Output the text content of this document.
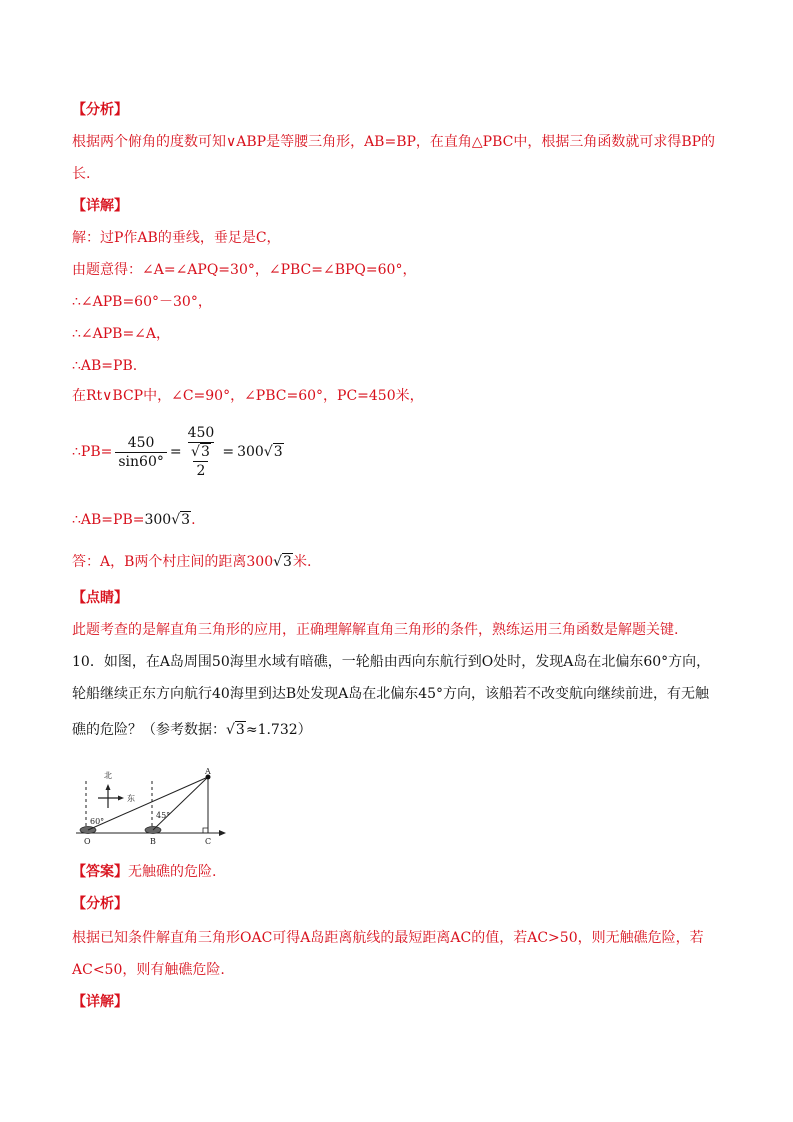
【分析】
根据两个俯角的度数可知∨ABP是等腰三角形，AB=BP，在直角△PBC中，根据三角函数就可求得BP的
长.
【详解】
解：过P作AB的垂线，垂足是C，
由题意得：∠A=∠APQ=30°，∠PBC=∠BPQ=60°，
∴∠APB=60°－30°，
∴∠APB=∠A，
∴AB=PB.
在Rt∨BCP中，∠C=90°，∠PBC=60°，PC=450米，
∴PB= $\frac{450}{\sin 60^\circ} = 450$
√3
2 = 300 √3
∴AB=PB=300√3.
答：A，B两个村庄间的距离300√3米.
【点睛】
此题考查的是解直角三角形的应用，正确理解解直角三角形的条件，熟练运用三角函数是解题关键.
10．如图，在A岛周围50海里水域有暗礁，一轮船由西向东航行到O处时，发现A岛在北偏东60°方向，
轮船继续正东方向航行40海里到达B处发现A岛在北偏东45°方向，该船若不改变航向继续前进，有无触
礁的危险？（参考数据：√3≈1.732）
北
东
60°
45°
A
O	B	C
【答案】无触礁的危险.
【分析】
根据已知条件解直角三角形OAC可得A岛距离航线的最短距离AC的值，若AC>50，则无触礁危险，若
AC<50，则有触礁危险.
【详解】
